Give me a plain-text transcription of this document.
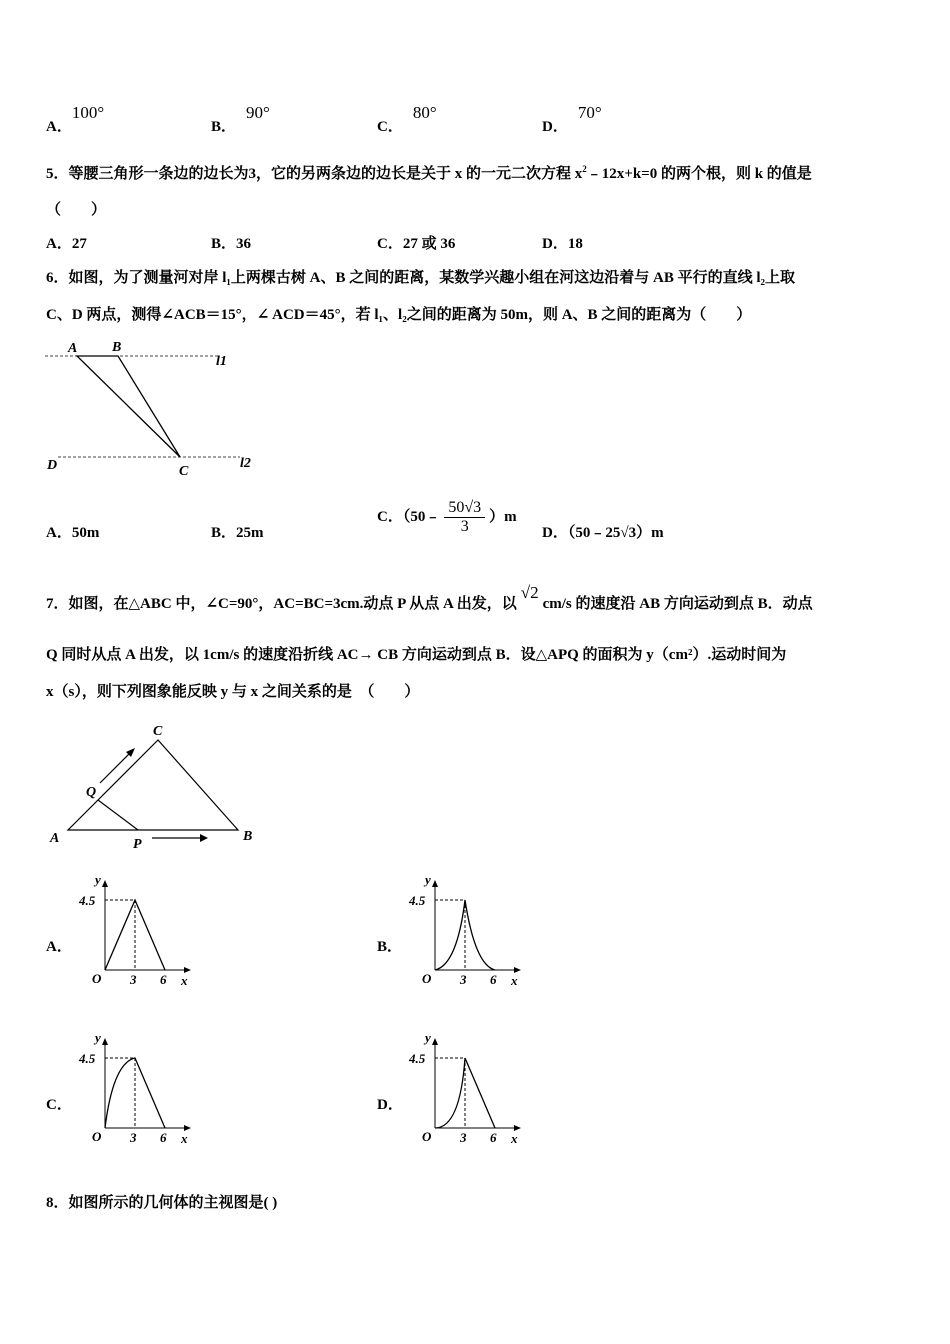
A．100°
B．90°
C．80°
D．70°
5．等腰三角形一条边的边长为3，它的另两条边的边长是关于 x 的一元二次方程 $x^2﹣12x+k=0$ 的两个根，则 k 的值是
（　　）
A．27	B．36	C．27 或 36	D．18
6．如图，为了测量河对岸 l₁上两棵古树 A、B 之间的距离，某数学兴趣小组在河这边沿着与 AB 平行的直线 l₂上取
C、D 两点，测得∠ACB＝15°，∠ ACD＝45°，若 l₁、l₂之间的距离为 50m，则 A、B 之间的距离为（　　）
A B
C
D
l1
l2
A．50m	B．25m
C．（50﹣ $\frac{50√3}{3} )m$
D．（50﹣25√3）m
7．如图，在△ABC 中，∠C=90°，AC=BC=3cm.动点 P 从点 A 出发，以√2cm/s 的速度沿 AB 方向运动到点 B．动点
Q 同时从点 A 出发，以 1cm/s 的速度沿折线 AC→ CB 方向运动到点 B．设△APQ 的面积为 y（cm²）.运动时间为
x（s），则下列图象能反映 y 与 x 之间关系的是　（　　）
C
A	B
P
Q
A．
4.5
3 6
O	x
y
B．
4.5
3 6
O	x
y
C．
4.5
3 6
O	x
y
D．
4.5
3 6
O	x
y
8．如图所示的几何体的主视图是( )
